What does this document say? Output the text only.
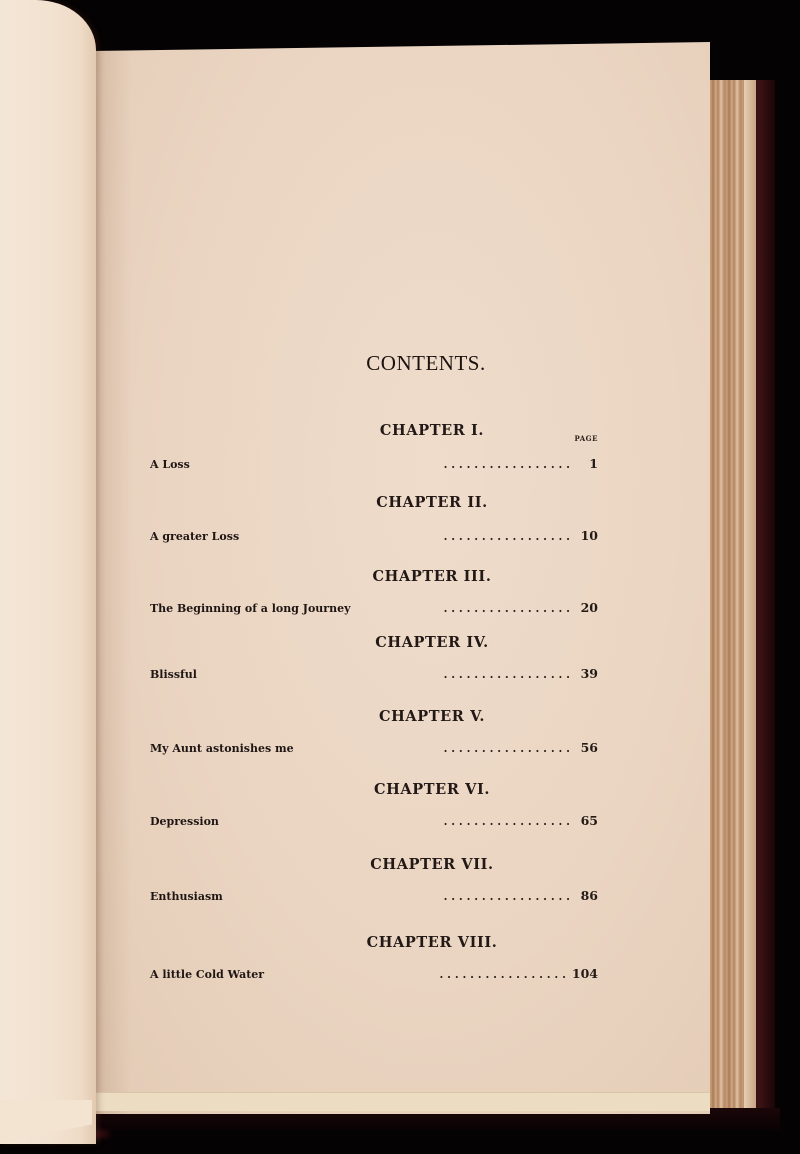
CONTENTS.
PAGE
CHAPTER I.
A Loss	. . . . . . . . . . . . . . . . .	1
CHAPTER II.
A greater Loss	. . . . . . . . . . . . . . . . . 10
CHAPTER III.
The Beginning of a long Journey	. . . . . . . . . . . . . . . . . 20
CHAPTER IV.
Blissful	. . . . . . . . . . . . . . . . . 39
CHAPTER V.
My Aunt astonishes me	. . . . . . . . . . . . . . . . . 56
CHAPTER VI.
Depression	. . . . . . . . . . . . . . . . . 65
CHAPTER VII.
Enthusiasm	. . . . . . . . . . . . . . . . . 86
CHAPTER VIII.
A little Cold Water	. . . . . . . . . . . . . . . . . 104
